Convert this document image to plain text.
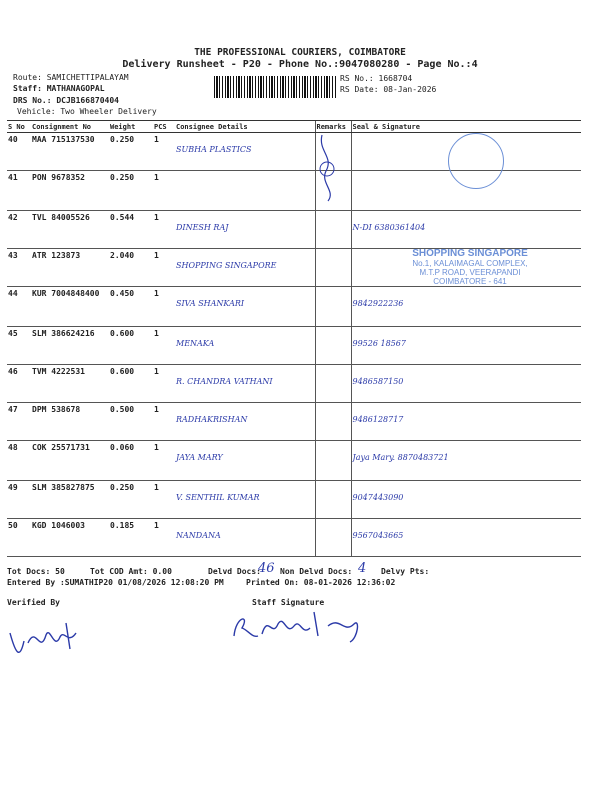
THE PROFESSIONAL COURIERS, COIMBATORE
Delivery Runsheet - P20 - Phone No.:9047080280 - Page No.:4
Route: SAMICHETTIPALAYAM
Staff: MATHANAGOPAL
DRS No.: DCJB166870404
Vehicle: Two Wheeler Delivery
RS No.: 1668704
RS Date: 08-Jan-2026
S No	Consignment No	Weight	PCS	Consignee Details	Remarks	Seal & Signature
40	MAA 715137530	0.250	1	SUBHA PLASTICS		
41	PON 9678352	0.250	1			
42	TVL 84005526	0.544	1	DINESH RAJ		N-DI 6380361404
43	ATR 123873	2.040	1	SHOPPING SINGAPORE		
44	KUR 7004848400	0.450	1	SIVA SHANKARI		9842922236
45	SLM 386624216	0.600	1	MENAKA		99526 18567
46	TVM 4222531	0.600	1	R. CHANDRA VATHANI		9486587150
47	DPM 538678	0.500	1	RADHAKRISHAN		9486128717
48	COK 25571731	0.060	1	JAYA MARY		Jaya Mary. 8870483721
49	SLM 385827875	0.250	1	V. SENTHIL KUMAR		9047443090
50	KGD 1046003	0.185	1	NANDANA		9567043665
SHOPPING SINGAPORE
No.1, KALAIMAGAL COMPLEX,
M.T.P ROAD, VEERAPANDI
COIMBATORE - 641
Tot Docs: 50	Tot COD Amt: 0.00	Delvd Docs:
46 Non Delvd Docs: 4 Delvy Pts:
Entered By :SUMATHIP20 01/08/2026 12:08:20 PM	Printed On: 08-01-2026 12:36:02
Verified By	Staff Signature
